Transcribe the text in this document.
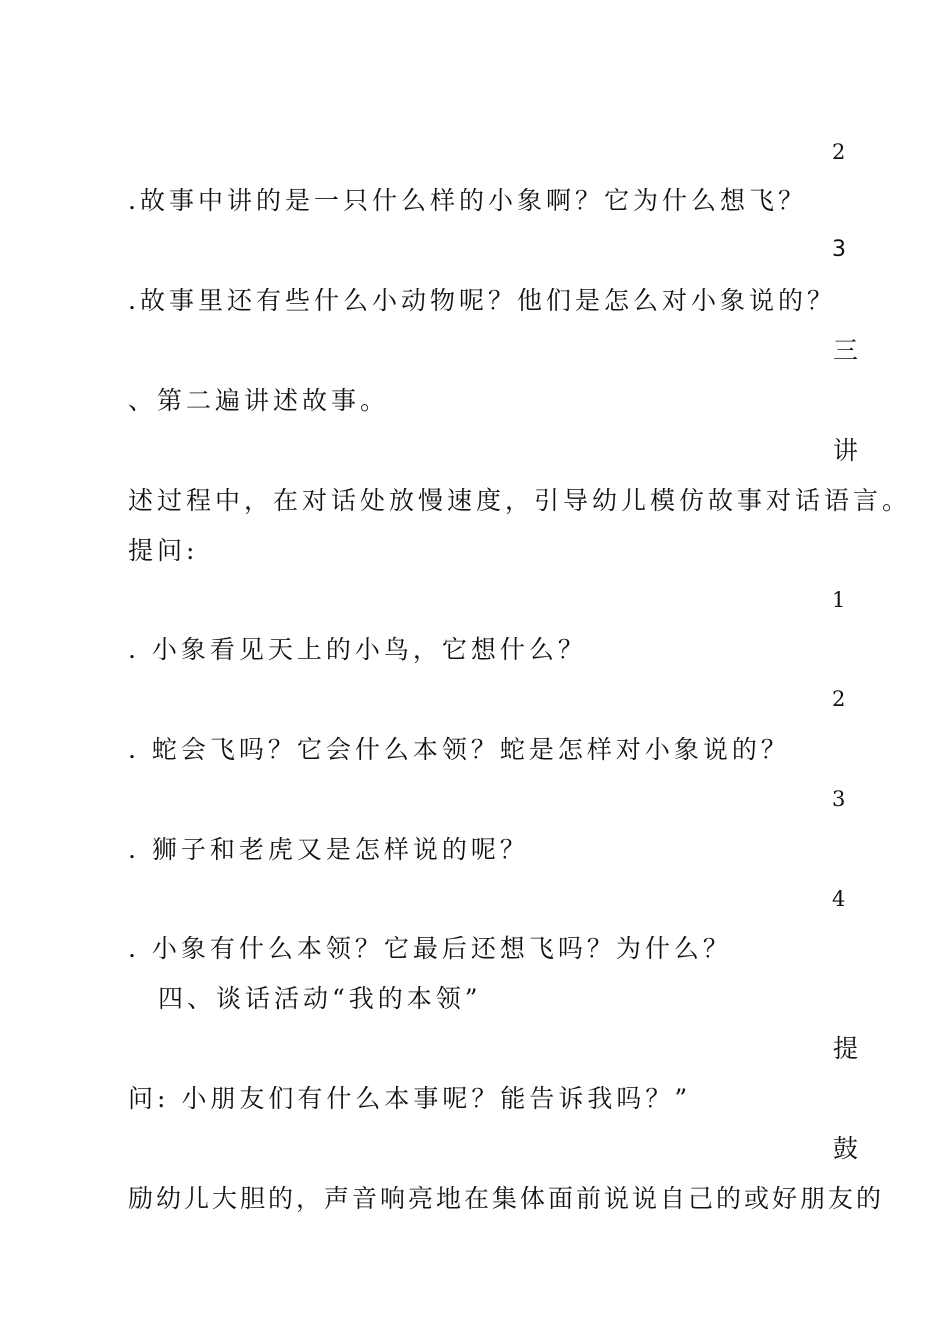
2
.故事中讲的是一只什么样的小象啊？它为什么想飞？
3
.故事里还有些什么小动物呢？他们是怎么对小象说的？
三
、第二遍讲述故事。
讲
述过程中，在对话处放慢速度，引导幼儿模仿故事对话语言。
提问:
1
. 小象看见天上的小鸟，它想什么？
2
. 蛇会飞吗？它会什么本领？蛇是怎样对小象说的？
3
. 狮子和老虎又是怎样说的呢？
4
. 小象有什么本领？它最后还想飞吗？为什么？
四、谈话活动“我的本领”
提
问: 小朋友们有什么本事呢？能告诉我吗？”
鼓
励幼儿大胆的，声音响亮地在集体面前说说自己的或好朋友的
